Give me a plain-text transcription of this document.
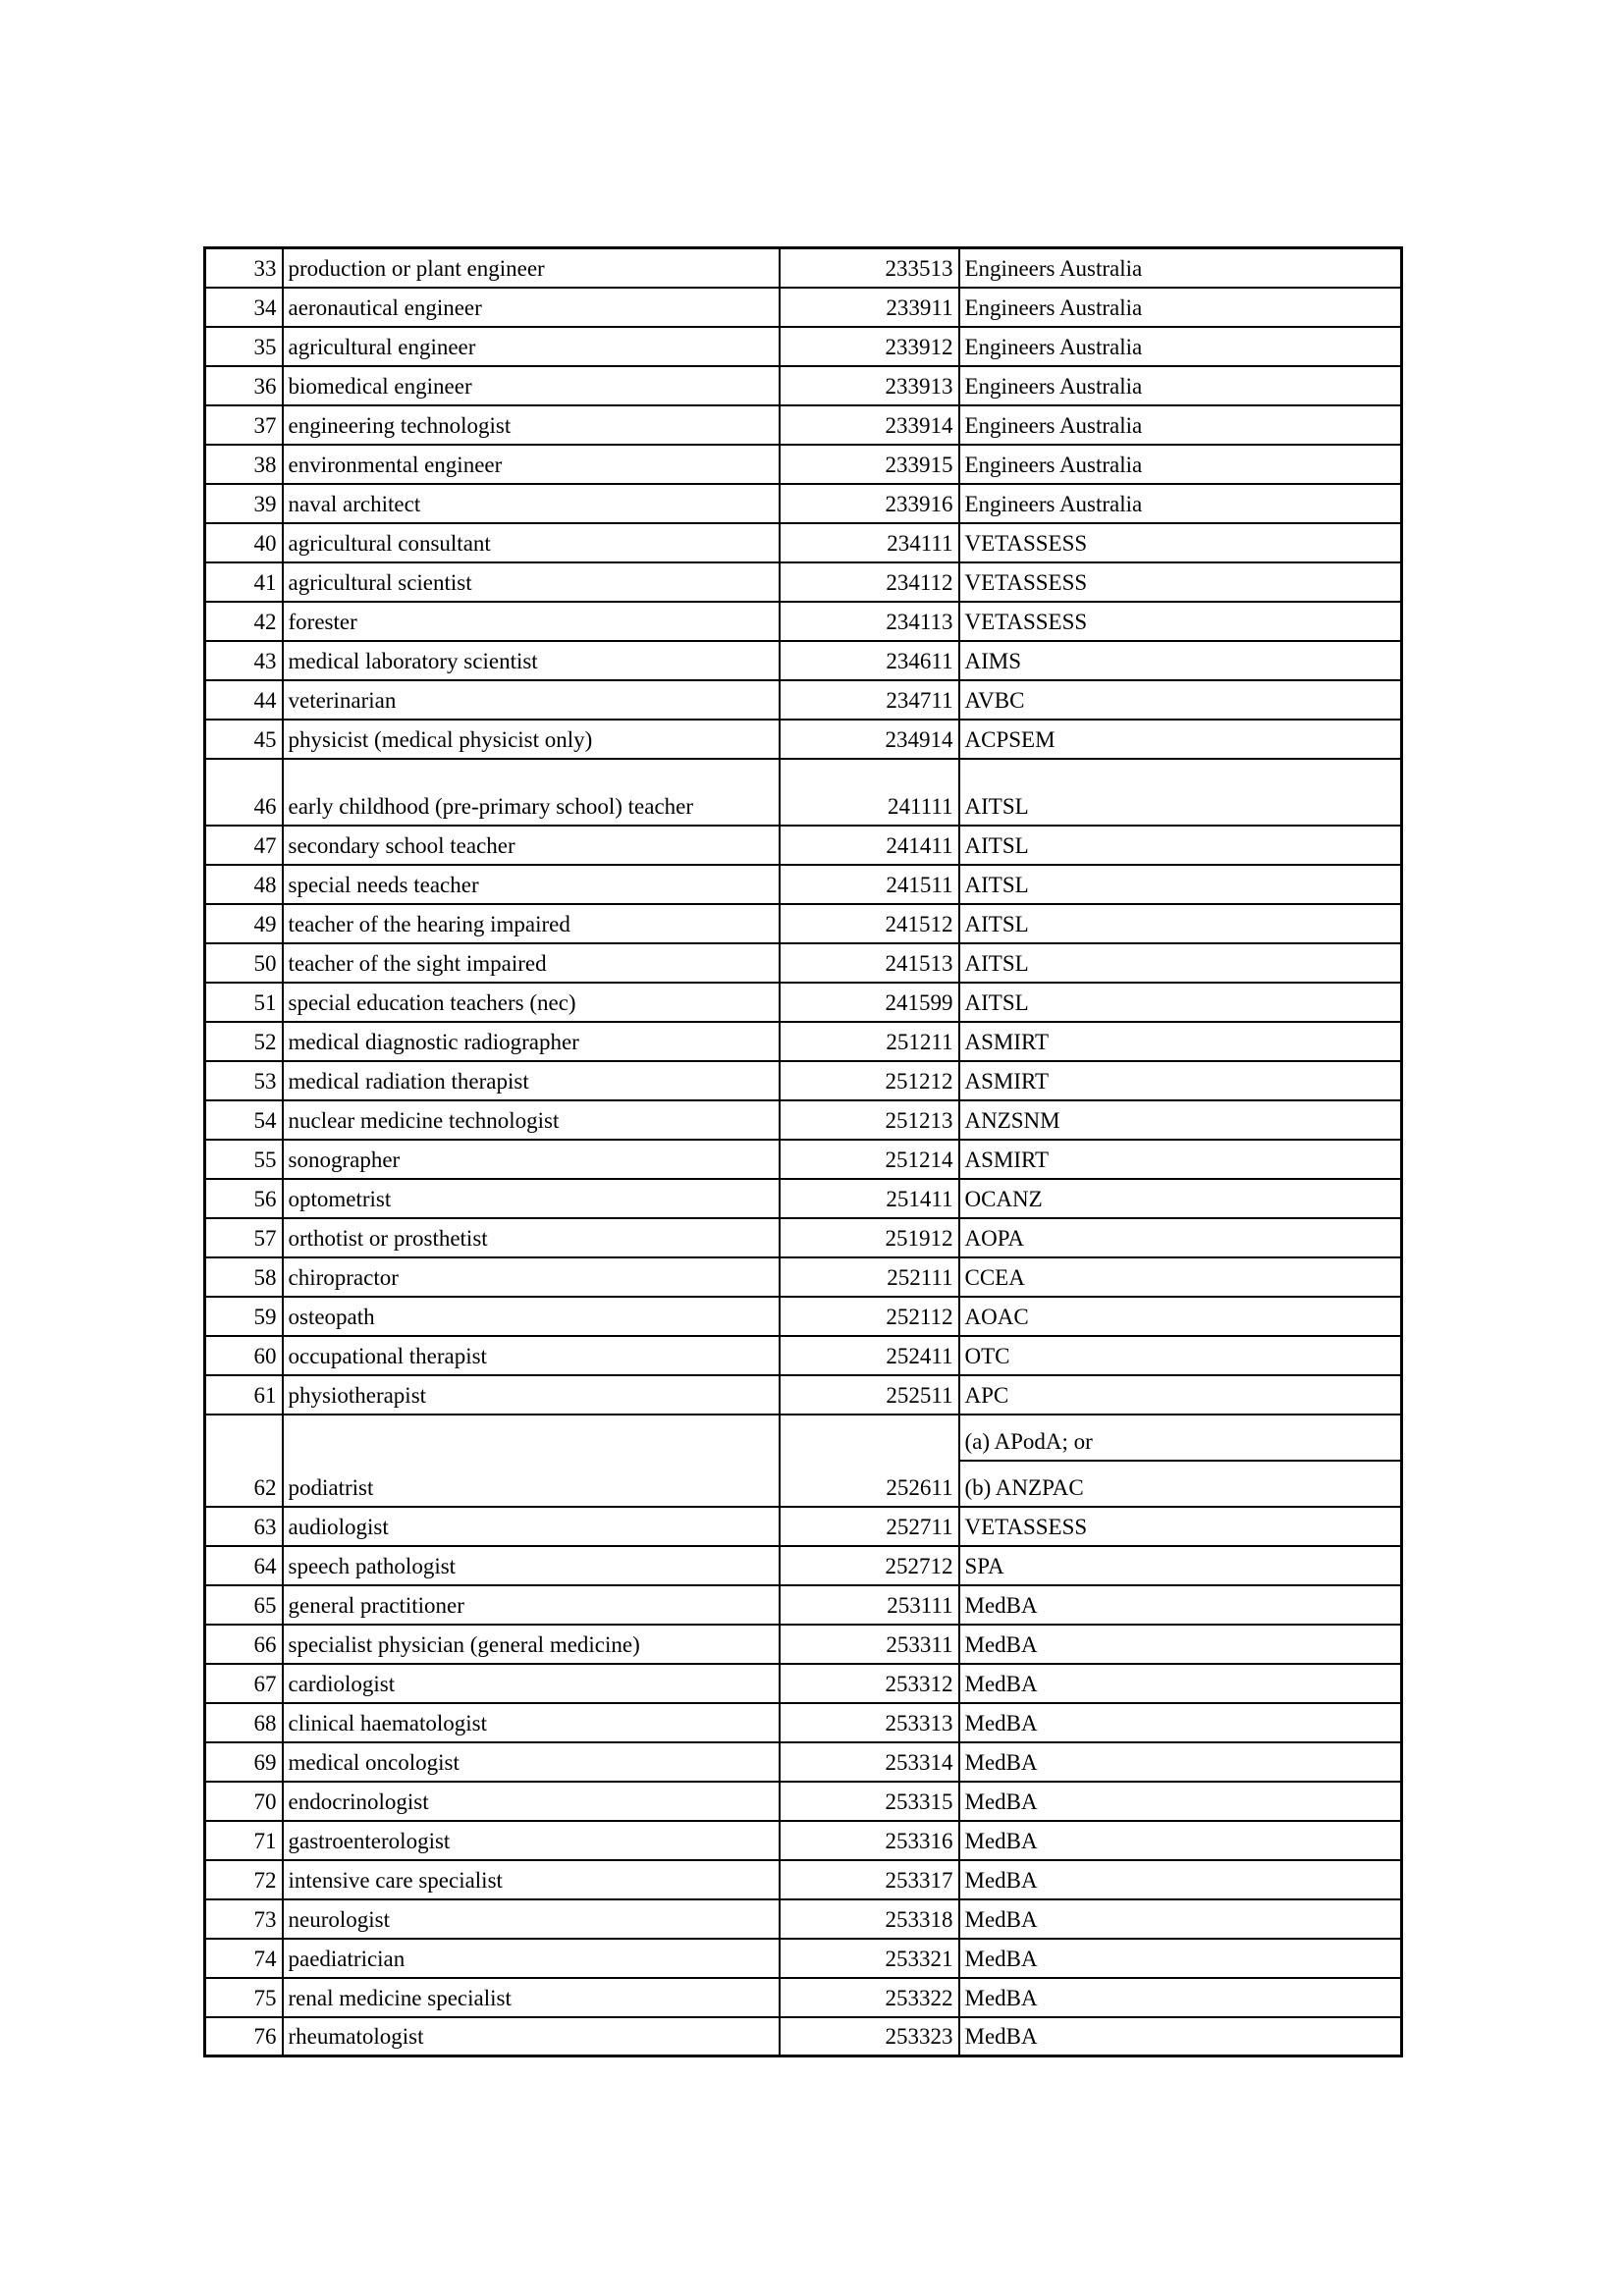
33	production or plant engineer	233513	Engineers Australia
34	aeronautical engineer	233911	Engineers Australia
35	agricultural engineer	233912	Engineers Australia
36	biomedical engineer	233913	Engineers Australia
37	engineering technologist	233914	Engineers Australia
38	environmental engineer	233915	Engineers Australia
39	naval architect	233916	Engineers Australia
40	agricultural consultant	234111	VETASSESS
41	agricultural scientist	234112	VETASSESS
42	forester	234113	VETASSESS
43	medical laboratory scientist	234611	AIMS
44	veterinarian	234711	AVBC
45	physicist (medical physicist only)	234914	ACPSEM
46	early childhood (pre‑primary school) teacher	241111	AITSL
47	secondary school teacher	241411	AITSL
48	special needs teacher	241511	AITSL
49	teacher of the hearing impaired	241512	AITSL
50	teacher of the sight impaired	241513	AITSL
51	special education teachers (nec)	241599	AITSL
52	medical diagnostic radiographer	251211	ASMIRT
53	medical radiation therapist	251212	ASMIRT
54	nuclear medicine technologist	251213	ANZSNM
55	sonographer	251214	ASMIRT
56	optometrist	251411	OCANZ
57	orthotist or prosthetist	251912	AOPA
58	chiropractor	252111	CCEA
59	osteopath	252112	AOAC
60	occupational therapist	252411	OTC
61	physiotherapist	252511	APC
62	podiatrist	252611	(a) APodA; or
			(b) ANZPAC
63	audiologist	252711	VETASSESS
64	speech pathologist	252712	SPA
65	general practitioner	253111	MedBA
66	specialist physician (general medicine)	253311	MedBA
67	cardiologist	253312	MedBA
68	clinical haematologist	253313	MedBA
69	medical oncologist	253314	MedBA
70	endocrinologist	253315	MedBA
71	gastroenterologist	253316	MedBA
72	intensive care specialist	253317	MedBA
73	neurologist	253318	MedBA
74	paediatrician	253321	MedBA
75	renal medicine specialist	253322	MedBA
76	rheumatologist	253323	MedBA
